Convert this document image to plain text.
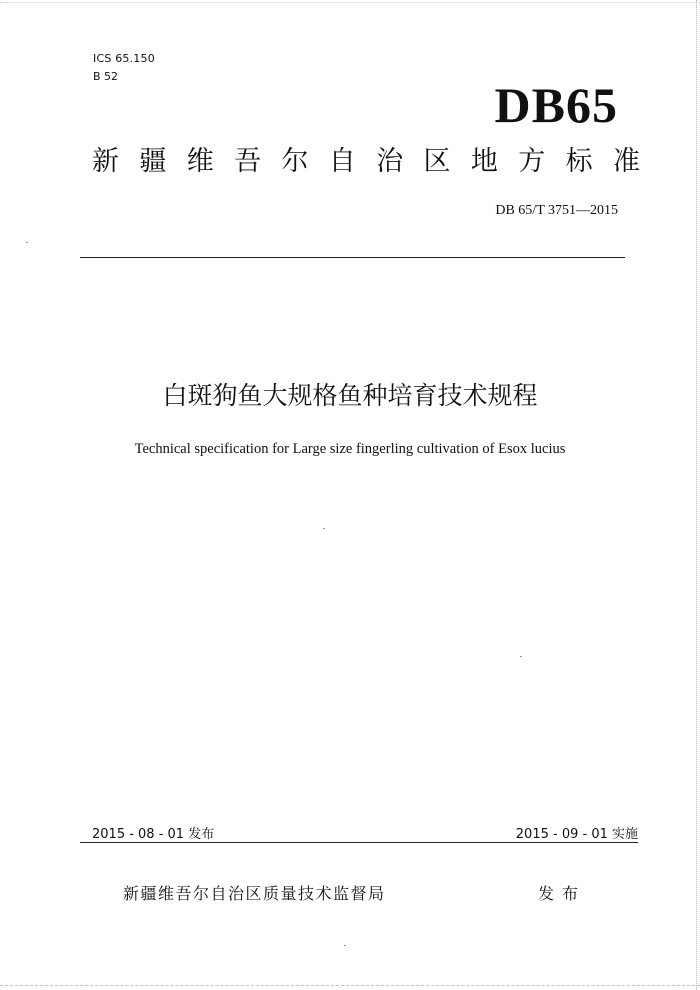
ICS 65.150
B 52
DB65
新 疆 维 吾 尔 自 治 区 地 方 标 准
DB 65/T 3751—2015
白斑狗鱼大规格鱼种培育技术规程
Technical specification for Large size fingerling cultivation of Esox lucius
2015 - 08 - 01 发布	2015 - 09 - 01 实施
新疆维吾尔自治区质量技术监督局	发布
